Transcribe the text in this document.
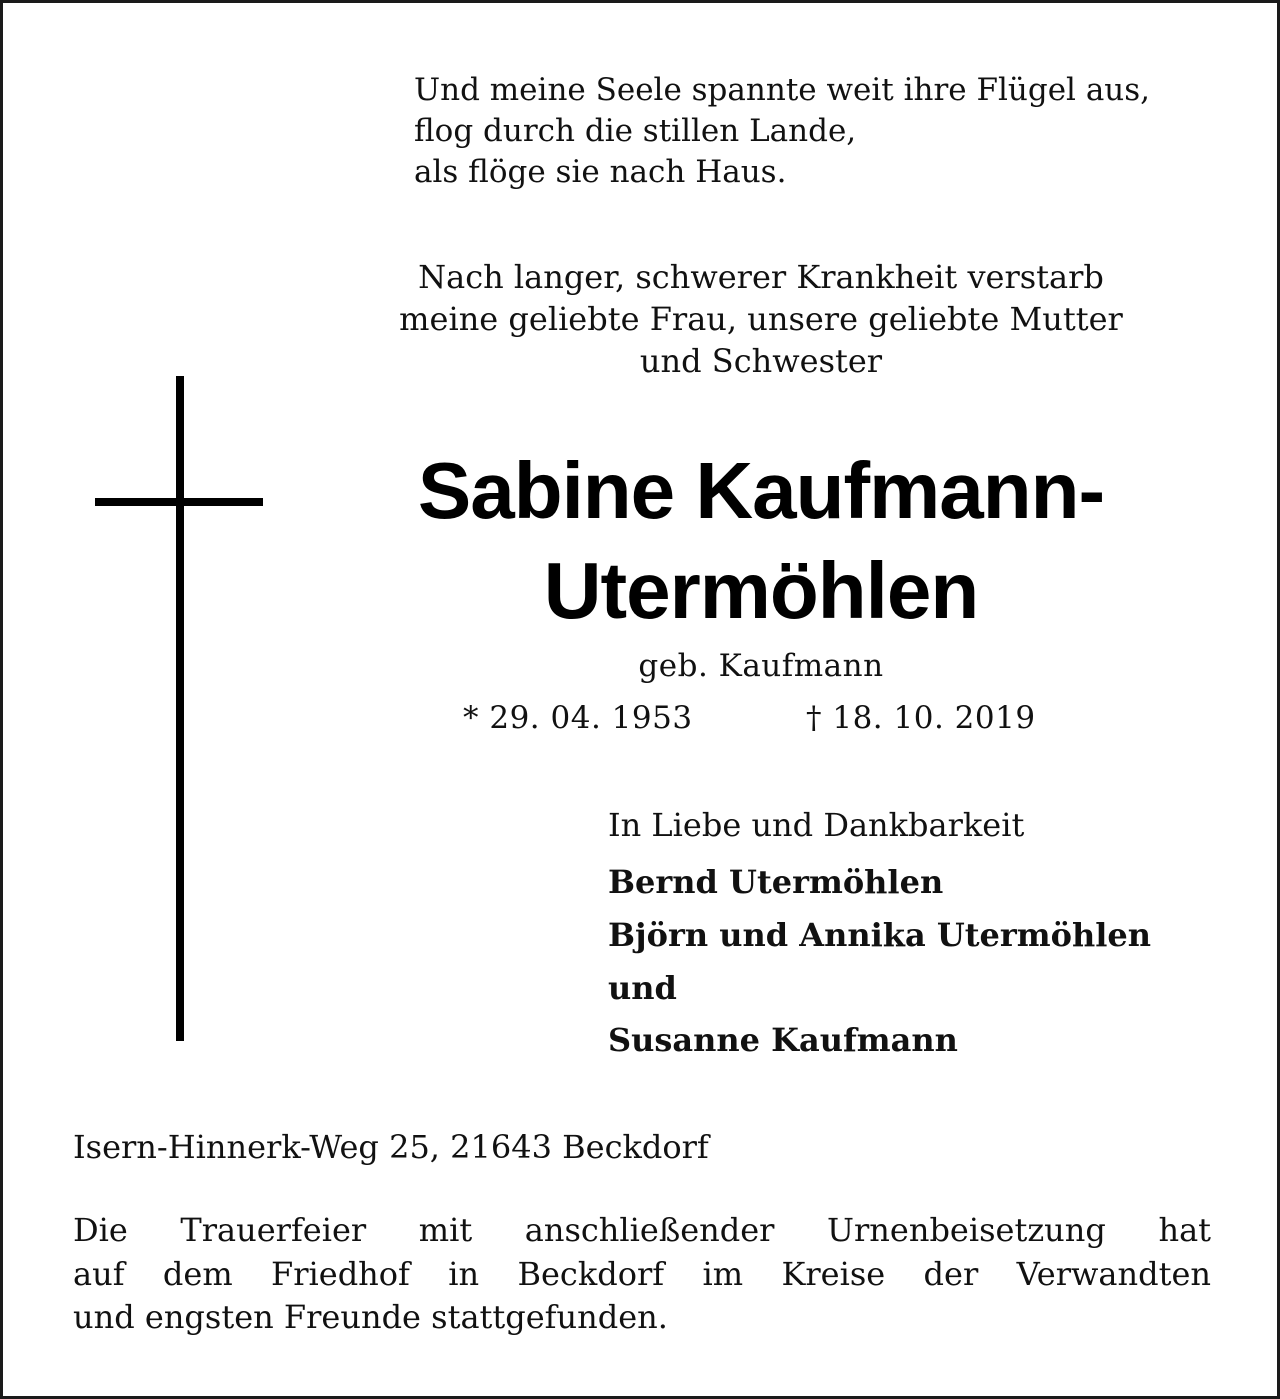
Und meine Seele spannte weit ihre Flügel aus,
flog durch die stillen Lande,
als flöge sie nach Haus.
Nach langer, schwerer Krankheit verstarb
meine geliebte Frau, unsere geliebte Mutter
und Schwester
Sabine Kaufmann-
Utermöhlen
geb. Kaufmann
* 29. 04. 1953	† 18. 10. 2019
In Liebe und Dankbarkeit
Bernd Utermöhlen
Björn und Annika Utermöhlen
und
Susanne Kaufmann
Isern-Hinnerk-Weg 25, 21643 Beckdorf
Die Trauerfeier mit anschließender Urnenbeisetzung hat
auf dem Friedhof in Beckdorf im Kreise der Verwandten
und engsten Freunde stattgefunden.
